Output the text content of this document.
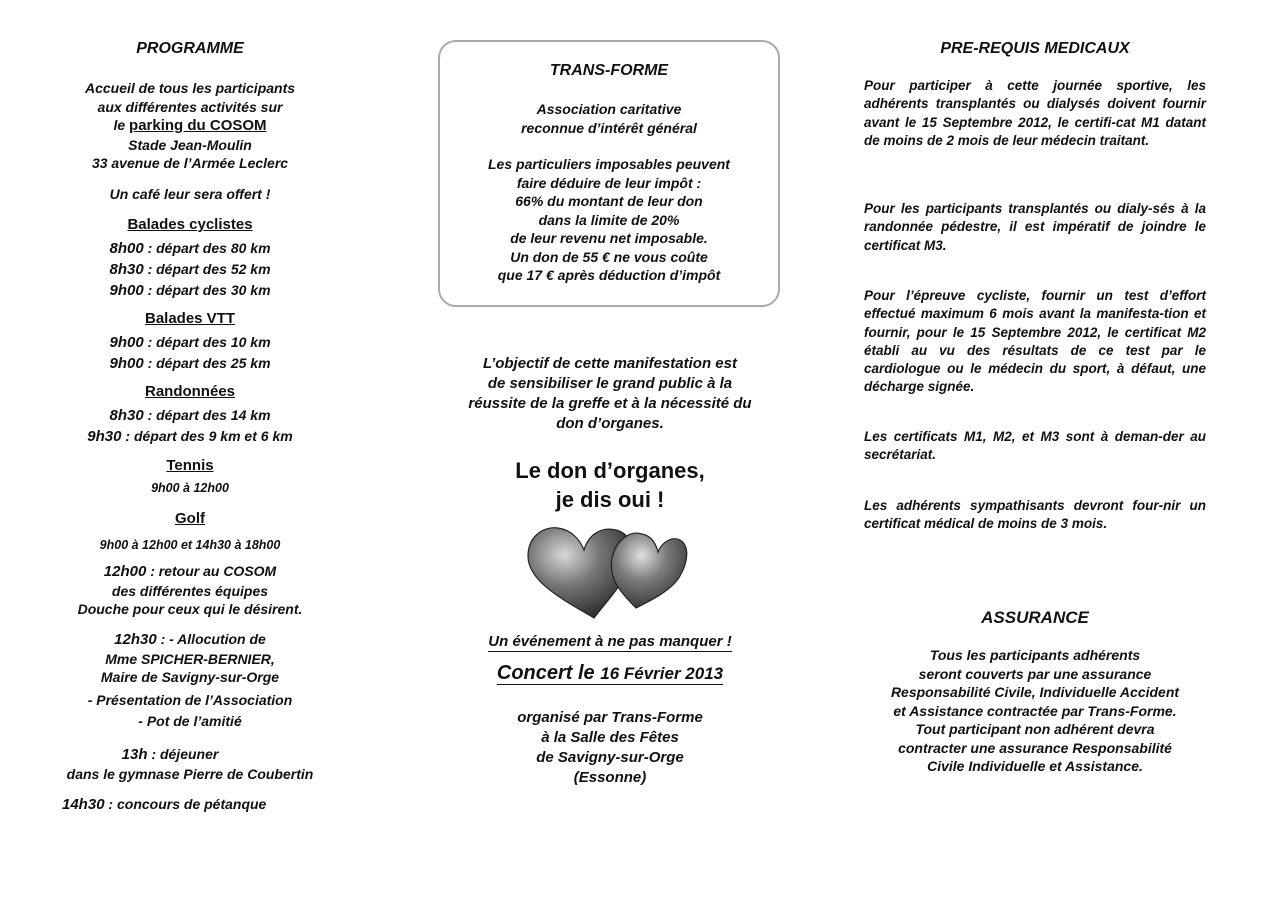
PROGRAMME
Accueil de tous les participants
aux différentes activités sur
le parking du COSOM
Stade Jean-Moulin
33 avenue de l’Armée Leclerc
Un café leur sera offert !
Balades cyclistes
8h00 : départ des 80 km
8h30 : départ des 52 km
9h00 : départ des 30 km
Balades VTT
9h00 : départ des 10 km
9h00 : départ des 25 km
Randonnées
8h30 : départ des 14 km
9h30 : départ des 9 km et 6 km
Tennis
9h00 à 12h00
Golf
9h00 à 12h00 et 14h30 à 18h00
12h00 : retour au COSOM
des différentes équipes
Douche pour ceux qui le désirent.
12h30 : - Allocution de
Mme SPICHER-BERNIER,
Maire de Savigny-sur-Orge
- Présentation de l’Association
- Pot de l’amitié
13h : déjeuner
dans le gymnase Pierre de Coubertin
14h30 : concours de pétanque
TRANS-FORME
Association caritative
reconnue d’intérêt général
Les particuliers imposables peuvent
faire déduire de leur impôt :
66% du montant de leur don
dans la limite de 20%
de leur revenu net imposable.
Un don de 55 € ne vous coûte
que 17 € après déduction d’impôt
L’objectif de cette manifestation est
de sensibiliser le grand public à la
réussite de la greffe et à la nécessité du
don d’organes.
Le don d’organes,
je dis oui !
Un événement à ne pas manquer !
Concert le 16 Février 2013
organisé par Trans-Forme
à la Salle des Fêtes
de Savigny-sur-Orge
(Essonne)
PRE-REQUIS MEDICAUX
Pour participer à cette journée sportive, les adhérents transplantés ou dialysés doivent fournir avant le 15 Septembre 2012, le certifi-cat M1 datant de moins de 2 mois de leur médecin traitant.
Pour les participants transplantés ou dialy-sés à la randonnée pédestre, il est impératif de joindre le certificat M3.
Pour l’épreuve cycliste, fournir un test d’effort effectué maximum 6 mois avant la manifesta-tion et fournir, pour le 15 Septembre 2012, le certificat M2 établi au vu des résultats de ce test par le cardiologue ou le médecin du sport, à défaut, une décharge signée.
Les certificats M1, M2, et M3 sont à deman-der au secrétariat.
Les adhérents sympathisants devront four-nir un certificat médical de moins de 3 mois.
ASSURANCE
Tous les participants adhérents
seront couverts par une assurance
Responsabilité Civile, Individuelle Accident
et Assistance contractée par Trans-Forme.
Tout participant non adhérent devra
contracter une assurance Responsabilité
Civile Individuelle et Assistance.
